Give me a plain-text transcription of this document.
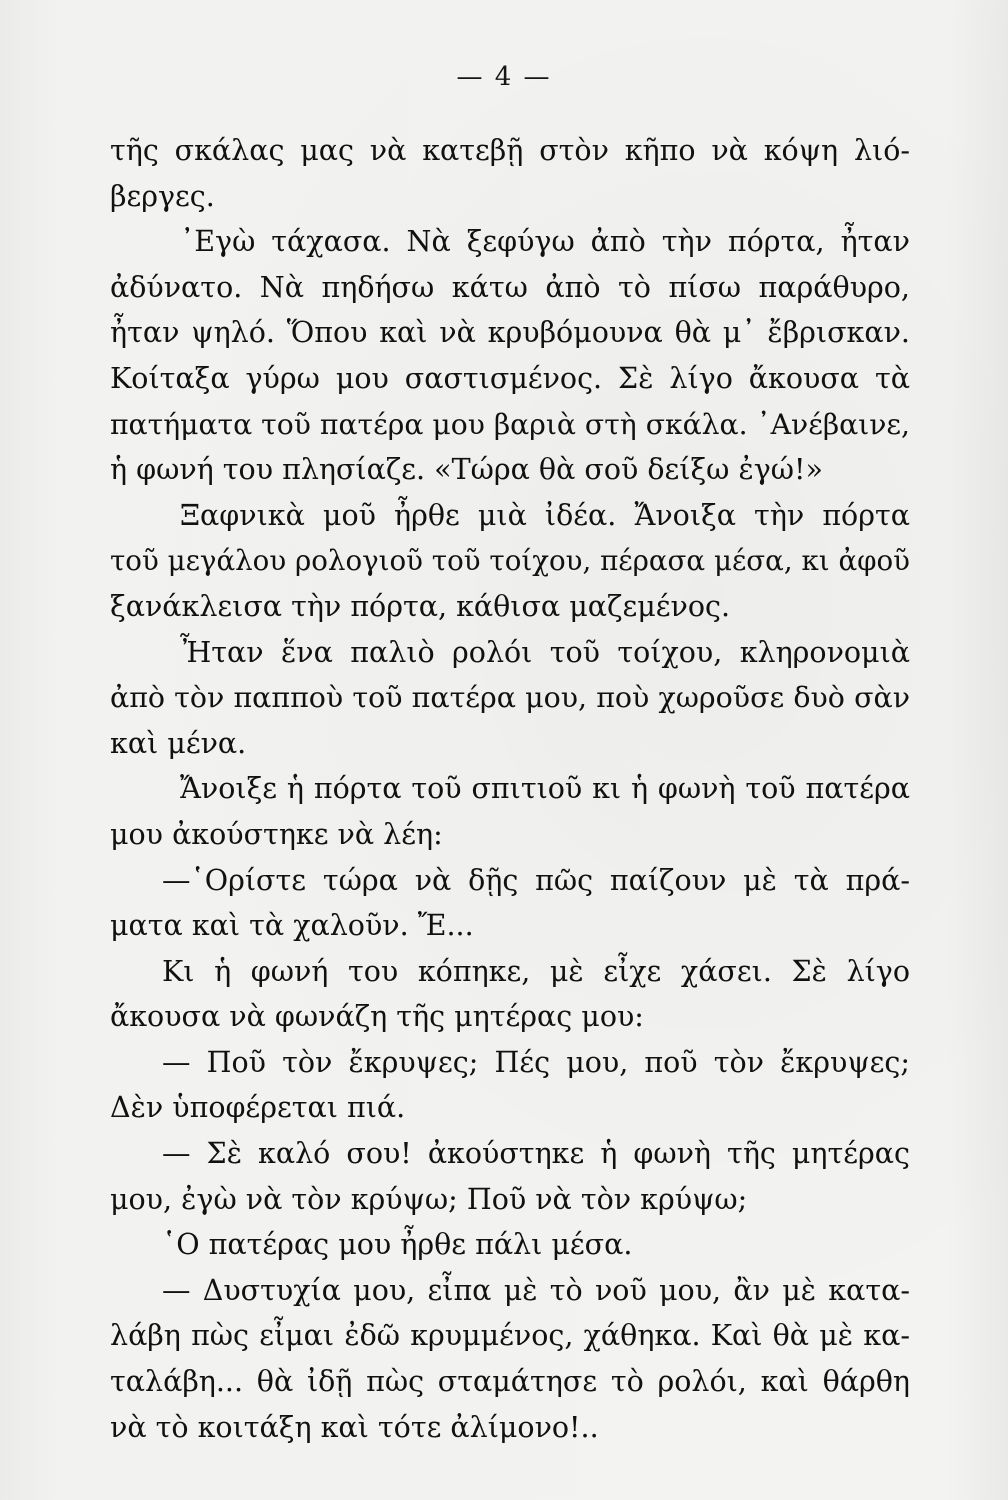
— 4 —
τῆς σκάλας μας νὰ κατεβῇ στὸν κῆπο νὰ κόψη λιό-
βεργες.
᾽Εγὼ τάχασα. Νὰ ξεφύγω ἀπὸ τὴν πόρτα, ἦταν
ἀδύνατο. Νὰ πηδήσω κάτω ἀπὸ τὸ πίσω παράθυρο,
ἦταν ψηλό. Ὅπου καὶ νὰ κρυβόμουνα θὰ μ᾽ ἔβρισκαν.
Κοίταξα γύρω μου σαστισμένος. Σὲ λίγο ἄκουσα τὰ
πατήματα τοῦ πατέρα μου βαριὰ στὴ σκάλα. ᾽Ανέβαινε,
ἡ φωνή του πλησίαζε. «Τώρα θὰ σοῦ δείξω ἐγώ!»
Ξαφνικὰ μοῦ ἦρθε μιὰ ἰδέα. Ἄνοιξα τὴν πόρτα
τοῦ μεγάλου ρολογιοῦ τοῦ τοίχου, πέρασα μέσα, κι ἀφοῦ
ξανάκλεισα τὴν πόρτα, κάθισα μαζεμένος.
Ἦταν ἕνα παλιὸ ρολόι τοῦ τοίχου, κληρονομιὰ
ἀπὸ τὸν παπποὺ τοῦ πατέρα μου, ποὺ χωροῦσε δυὸ σὰν
καὶ μένα.
Ἄνοιξε ἡ πόρτα τοῦ σπιτιοῦ κι ἡ φωνὴ τοῦ πατέρα
μου ἀκούστηκε νὰ λέη:
—῾Ορίστε τώρα νὰ δῇς πῶς παίζουν μὲ τὰ πρά-
ματα καὶ τὰ χαλοῦν. Ἔ...
Κι ἡ φωνή του κόπηκε, μὲ εἶχε χάσει. Σὲ λίγο
ἄκουσα νὰ φωνάζη τῆς μητέρας μου:
— Ποῦ τὸν ἔκρυψες; Πές μου, ποῦ τὸν ἔκρυψες;
Δὲν ὑποφέρεται πιά.
— Σὲ καλό σου! ἀκούστηκε ἡ φωνὴ τῆς μητέρας
μου, ἐγὼ νὰ τὸν κρύψω; Ποῦ νὰ τὸν κρύψω;
῾Ο πατέρας μου ἦρθε πάλι μέσα.
— Δυστυχία μου, εἶπα μὲ τὸ νοῦ μου, ἂν μὲ κατα-
λάβη πὼς εἶμαι ἐδῶ κρυμμένος, χάθηκα. Καὶ θὰ μὲ κα-
ταλάβη... θὰ ἰδῇ πὼς σταμάτησε τὸ ρολόι, καὶ θάρθη
νὰ τὸ κοιτάξη καὶ τότε ἀλίμονο!..
